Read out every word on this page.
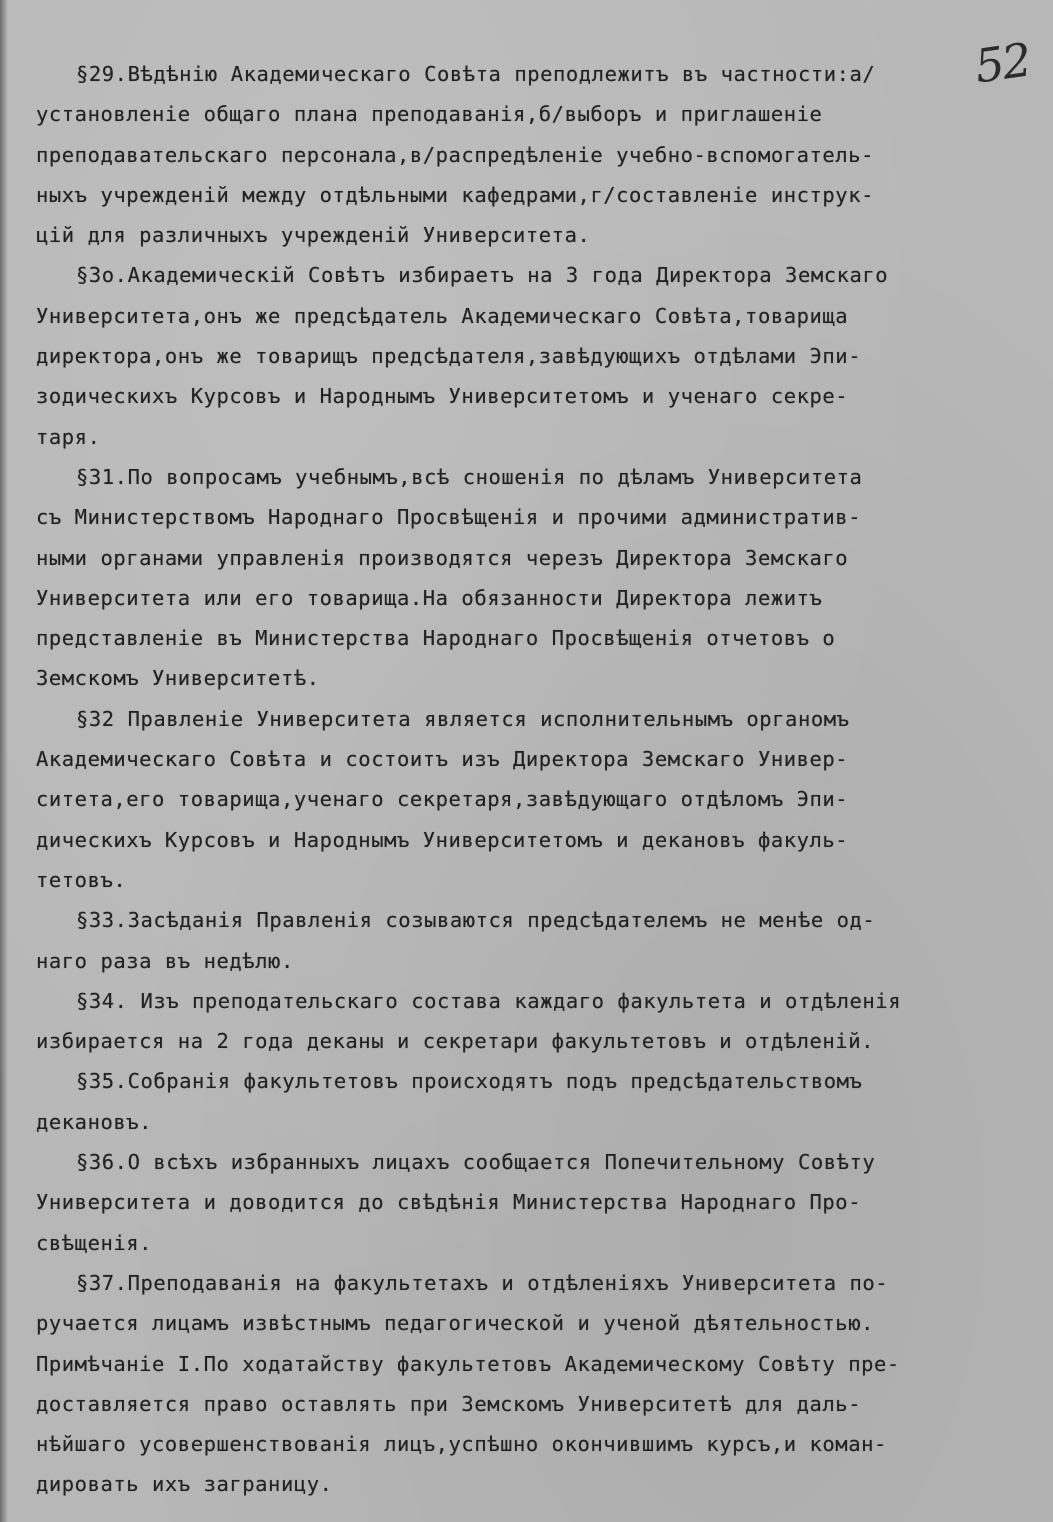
52
§29.Вѣдѣнію Академическаго Совѣта преподлежитъ въ частности:а/
установленіе общаго плана преподаванія,б/выборъ и приглашеніе
преподавательскаго персонала,в/распредѣленіе учебно-вспомогатель-
ныхъ учрежденій между отдѣльными кафедрами,г/составленіе инструк-
цій для различныхъ учрежденій Университета.
§3о.Академическій Совѣтъ избираетъ на 3 года Директора Земскаго
Университета,онъ же предсѣдатель Академическаго Совѣта,товарища
директора,онъ же товарищъ предсѣдателя,завѣдующихъ отдѣлами Эпи-
зодическихъ Курсовъ и Народнымъ Университетомъ и ученаго секре-
таря.
§31.По вопросамъ учебнымъ,всѣ сношенія по дѣламъ Университета
съ Министерствомъ Народнаго Просвѣщенія и прочими административ-
ными органами управленія производятся черезъ Директора Земскаго
Университета или его товарища.На обязанности Директора лежитъ
представленіе въ Министерства Народнаго Просвѣщенія отчетовъ о
Земскомъ Университетѣ.
§32 Правленіе Университета является исполнительнымъ органомъ
Академическаго Совѣта и состоитъ изъ Директора Земскаго Универ-
ситета,его товарища,ученаго секретаря,завѣдующаго отдѣломъ Эпи-
дическихъ Курсовъ и Народнымъ Университетомъ и декановъ факуль-
тетовъ.
§33.Засѣданія Правленія созываются предсѣдателемъ не менѣе од-
наго раза въ недѣлю.
§34. Изъ преподательскаго состава каждаго факультета и отдѣленія
избирается на 2 года деканы и секретари факультетовъ и отдѣленій.
§35.Собранія факультетовъ происходятъ подъ предсѣдательствомъ
декановъ.
§36.О всѣхъ избранныхъ лицахъ сообщается Попечительному Совѣту
Университета и доводится до свѣдѣнія Министерства Народнаго Про-
свѣщенія.
§37.Преподаванія на факультетахъ и отдѣленіяхъ Университета по-
ручается лицамъ извѣстнымъ педагогической и ученой дѣятельностью.
Примѣчаніе I.По ходатайству факультетовъ Академическому Совѣту пре-
доставляется право оставлять при Земскомъ Университетѣ для даль-
нѣйшаго усовершенствованія лицъ,успѣшно окончившимъ курсъ,и коман-
дировать ихъ заграницу.
